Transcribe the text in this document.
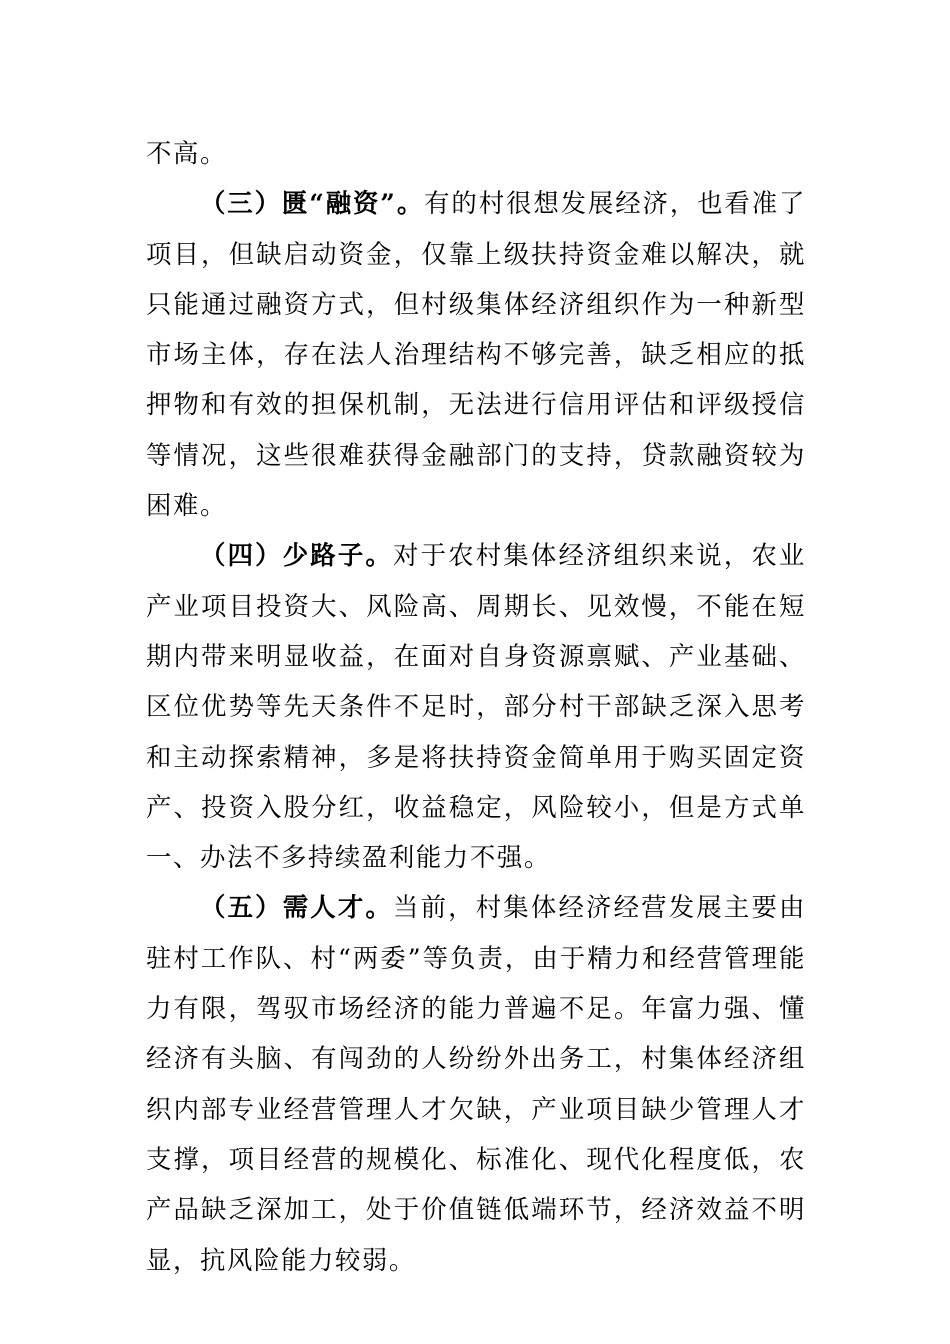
不高。

（三）匮“融资”。有的村很想发展经济，也看准了项目，但缺启动资金，仅靠上级扶持资金难以解决，就只能通过融资方式，但村级集体经济组织作为一种新型市场主体，存在法人治理结构不够完善，缺乏相应的抵押物和有效的担保机制，无法进行信用评估和评级授信等情况，这些很难获得金融部门的支持，贷款融资较为困难。

（四）少路子。对于农村集体经济组织来说，农业产业项目投资大、风险高、周期长、见效慢，不能在短期内带来明显收益，在面对自身资源禀赋、产业基础、区位优势等先天条件不足时，部分村干部缺乏深入思考和主动探索精神，多是将扶持资金简单用于购买固定资产、投资入股分红，收益稳定，风险较小，但是方式单一、办法不多持续盈利能力不强。

（五）需人才。当前，村集体经济经营发展主要由驻村工作队、村“两委”等负责，由于精力和经营管理能力有限，驾驭市场经济的能力普遍不足。年富力强、懂经济有头脑、有闯劲的人纷纷外出务工，村集体经济组织内部专业经营管理人才欠缺，产业项目缺少管理人才支撑，项目经营的规模化、标准化、现代化程度低，农产品缺乏深加工，处于价值链低端环节，经济效益不明显，抗风险能力较弱。
